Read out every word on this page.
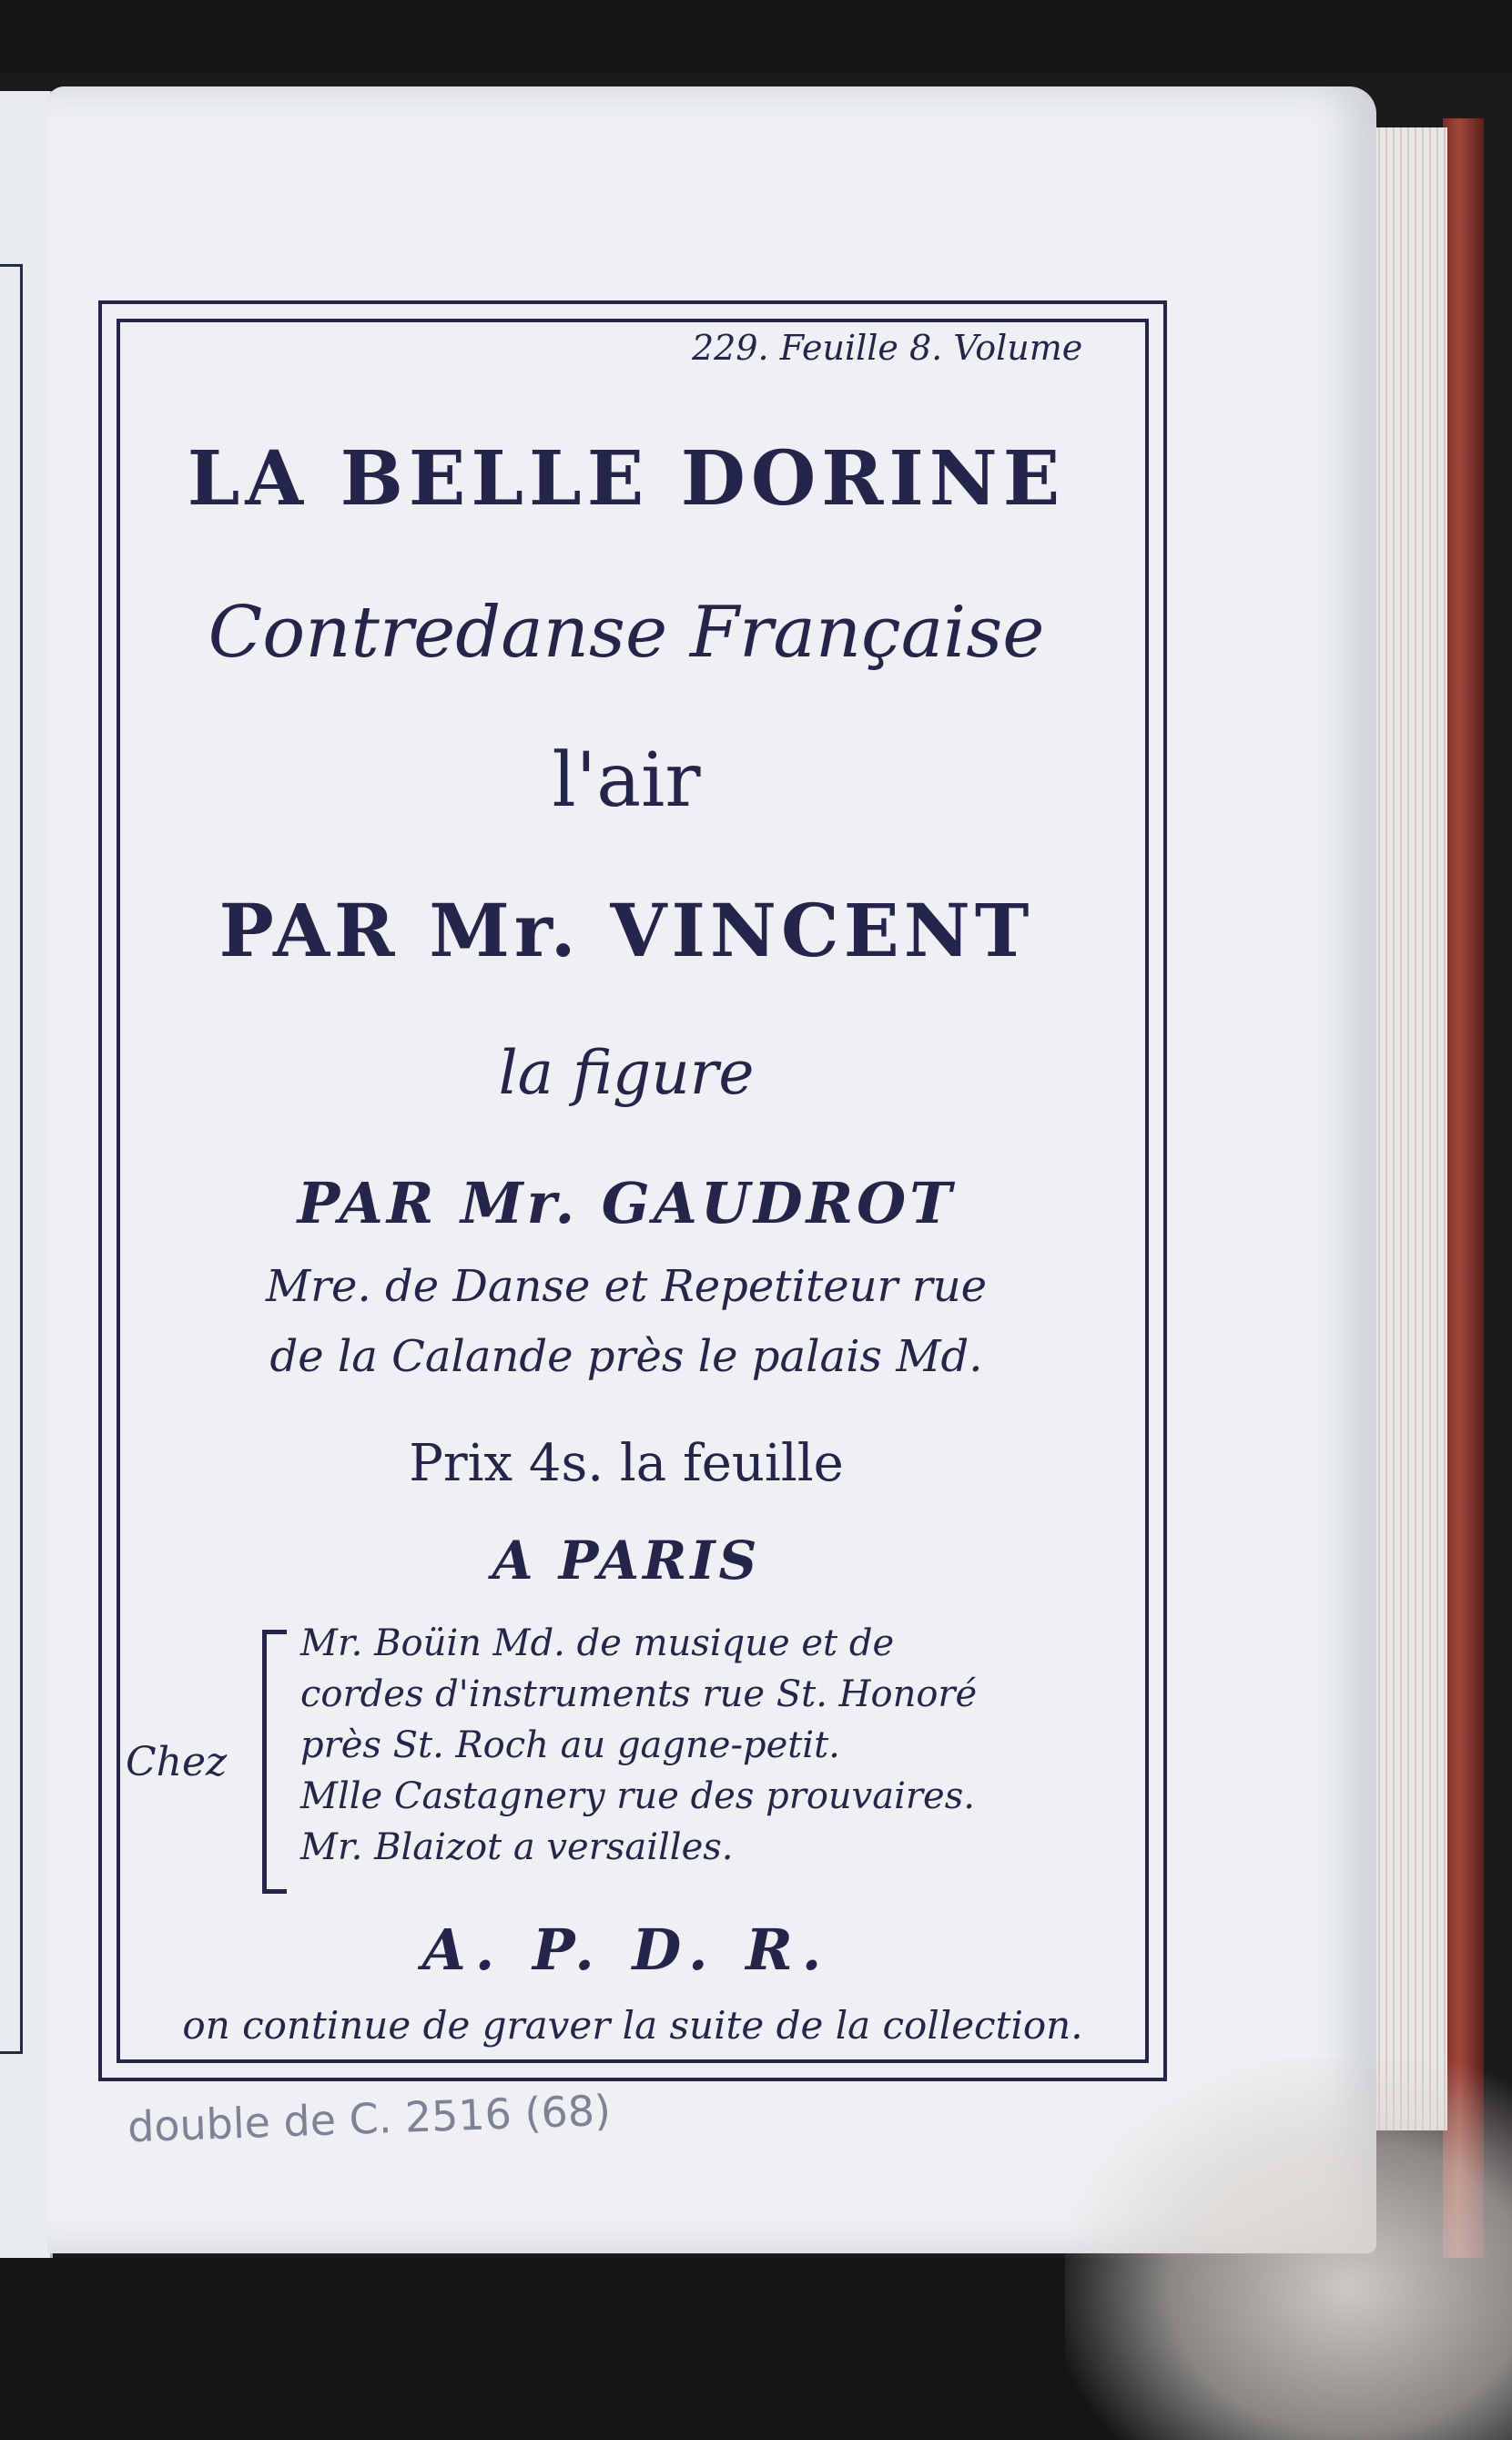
229. Feuille 8. Volume
LA BELLE DORINE
Contredanse Française
l'air
PAR Mr. VINCENT
la figure
PAR Mr. GAUDROT
Mre. de Danse et Repetiteur rue
de la Calande près le palais Md.
Prix 4s. la feuille
A PARIS
Chez
Mr. Boüin Md. de musique et de
cordes d'instruments rue St. Honoré
près St. Roch au gagne-petit.
Mlle Castagnery rue des prouvaires.
Mr. Blaizot a versailles.
A. P. D. R.
on continue de graver la suite de la collection.
double de C. 2516 (68)
